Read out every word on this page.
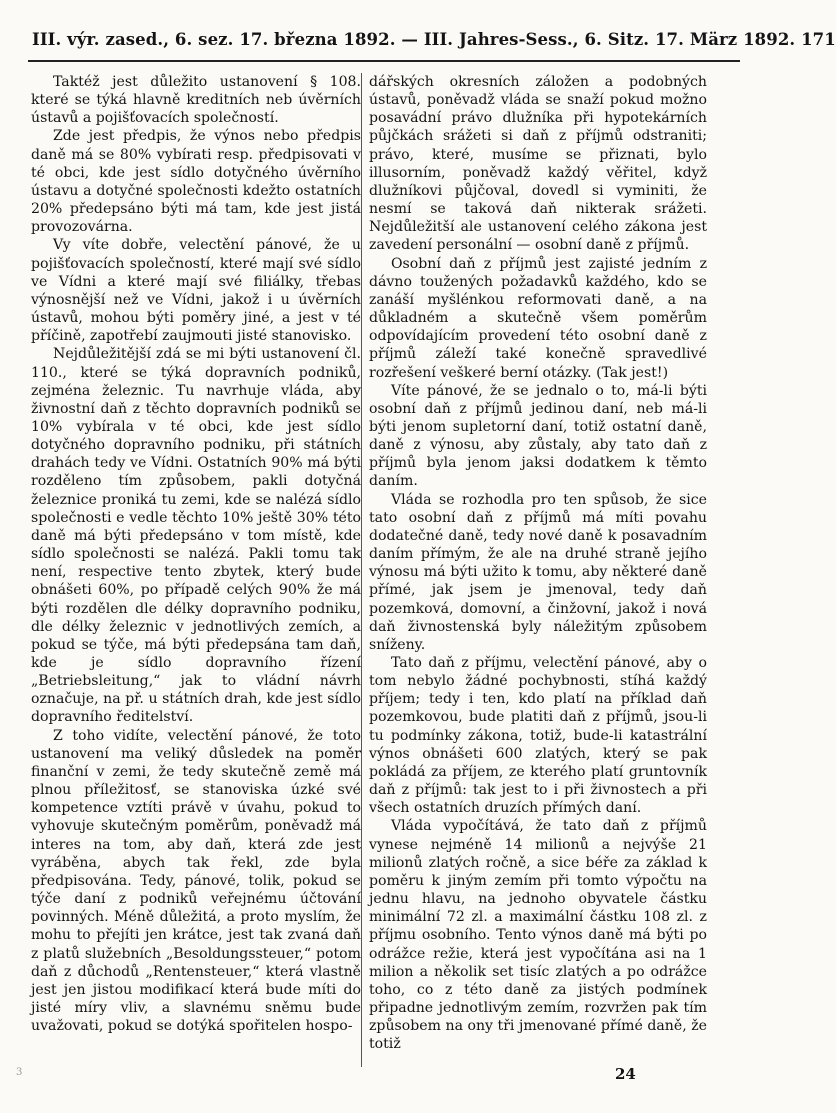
III. výr. zased., 6. sez. 17. března 1892. — III. Jahres-Sess., 6. Sitz. 17. März 1892. 171

Taktéž jest důležito ustanovení § 108. které se týká hlavně kreditních neb úvěrních ústavů a pojišťovacích společností.

Zde jest předpis, že výnos nebo předpis daně má se 80% vybírati resp. předpisovati v té obci, kde jest sídlo dotyčného úvěrního ústavu a dotyčné společnosti kdežto ostatních 20% předepsáno býti má tam, kde jest jistá provozovárna.

Vy víte dobře, velectění pánové, že u pojišťovacích společností, které mají své sídlo ve Vídni a které mají své filiálky, třebas výnosnější než ve Vídni, jakož i u úvěrních ústavů, mohou býti poměry jiné, a jest v té příčině, zapotřebí zaujmouti jisté stanovisko.

Nejdůležitější zdá se mi býti ustanovení čl. 110., které se týká dopravních podniků, zejména železnic. Tu navrhuje vláda, aby živnostní daň z těchto dopravních podniků se 10% vybírala v té obci, kde jest sídlo dotyčného dopravního podniku, při státních drahách tedy ve Vídni. Ostatních 90% má býti rozděleno tím způsobem, pakli dotyčná železnice proniká tu zemi, kde se nalézá sídlo společnosti e vedle těchto 10% ještě 30% této daně má býti předepsáno v tom místě, kde sídlo společnosti se nalézá. Pakli tomu tak není, respective tento zbytek, který bude obnášeti 60%, po případě celých 90% že má býti rozdělen dle délky dopravního podniku, dle délky železnic v jednotlivých zemích, a pokud se týče, má býti předepsána tam daň, kde je sídlo dopravního řízení „Betriebsleitung,“ jak to vládní návrh označuje, na př. u státních drah, kde jest sídlo dopravního ředitelství.

Z toho vidíte, velectění pánové, že toto ustanovení ma veliký důsledek na poměr finanční v zemi, že tedy skutečně země má plnou příležitosť, se stanoviska úzké své kompetence vztíti právě v úvahu, pokud to vyhovuje skutečným poměrům, poněvadž má interes na tom, aby daň, která zde jest vyráběna, abych tak řekl, zde byla předpisována. Tedy, pánové, tolik, pokud se týče daní z podniků veřejnému účtování povinných. Méně důležitá, a proto myslím, že mohu to přejíti jen krátce, jest tak zvaná daň z platů služebních „Besoldungssteuer,“ potom daň z důchodů „Rentensteuer,“ která vlastně jest jen jistou modifikací která bude míti do jisté míry vliv, a slavnému sněmu bude uvažovati, pokud se dotýká spořitelen hospo-

dářských okresních záložen a podobných ústavů, poněvadž vláda se snaží pokud možno posavádní právo dlužníka při hypotekárních půjčkách srážeti si daň z příjmů odstraniti; právo, které, musíme se přiznati, bylo illusorním, poněvadž každý věřitel, když dlužníkovi půjčoval, dovedl si vyminiti, že nesmí se taková daň nikterak srážeti. Nejdůležitší ale ustanovení celého zákona jest zavedení personální — osobní daně z příjmů.

Osobní daň z příjmů jest zajisté jedním z dávno toužených požadavků každého, kdo se zanáší myšlénkou reformovati daně, a na důkladném a skutečně všem poměrům odpovídajícím provedení této osobní daně z příjmů záleží také konečně spravedlivé rozřešení veškeré berní otázky. (Tak jest!)

Víte pánové, že se jednalo o to, má-li býti osobní daň z příjmů jedinou daní, neb má-li býti jenom supletorní daní, totiž ostatní daně, daně z výnosu, aby zůstaly, aby tato daň z příjmů byla jenom jaksi dodatkem k těmto daním.

Vláda se rozhodla pro ten spůsob, že sice tato osobní daň z příjmů má míti povahu dodatečné daně, tedy nové daně k posavadním daním přímým, že ale na druhé straně jejího výnosu má býti užito k tomu, aby některé daně přímé, jak jsem je jmenoval, tedy daň pozemková, domovní, a činžovní, jakož i nová daň živnostenská byly náležitým způsobem sníženy.

Tato daň z příjmu, velectění pánové, aby o tom nebylo žádné pochybnosti, stíhá každý příjem; tedy i ten, kdo platí na příklad daň pozemkovou, bude platiti daň z příjmů, jsou-li tu podmínky zákona, totiž, bude-li katastrální výnos obnášeti 600 zlatých, který se pak pokládá za příjem, ze kterého platí gruntovník daň z příjmů: tak jest to i při živnostech a při všech ostatních druzích přímých daní.

Vláda vypočítává, že tato daň z příjmů vynese nejméně 14 milionů a nejvýše 21 milionů zlatých ročně, a sice béře za základ k poměru k jiným zemím při tomto výpočtu na jednu hlavu, na jednoho obyvatele částku minimální 72 zl. a maximální částku 108 zl. z příjmu osobního. Tento výnos daně má býti po odrážce režie, která jest vypočítána asi na 1 milion a několik set tisíc zlatých a po odrážce toho, co z této daně za jistých podmínek připadne jednotlivým zemím, rozvržen pak tím způsobem na ony tři jmenované přímé daně, že totiž

24
3
